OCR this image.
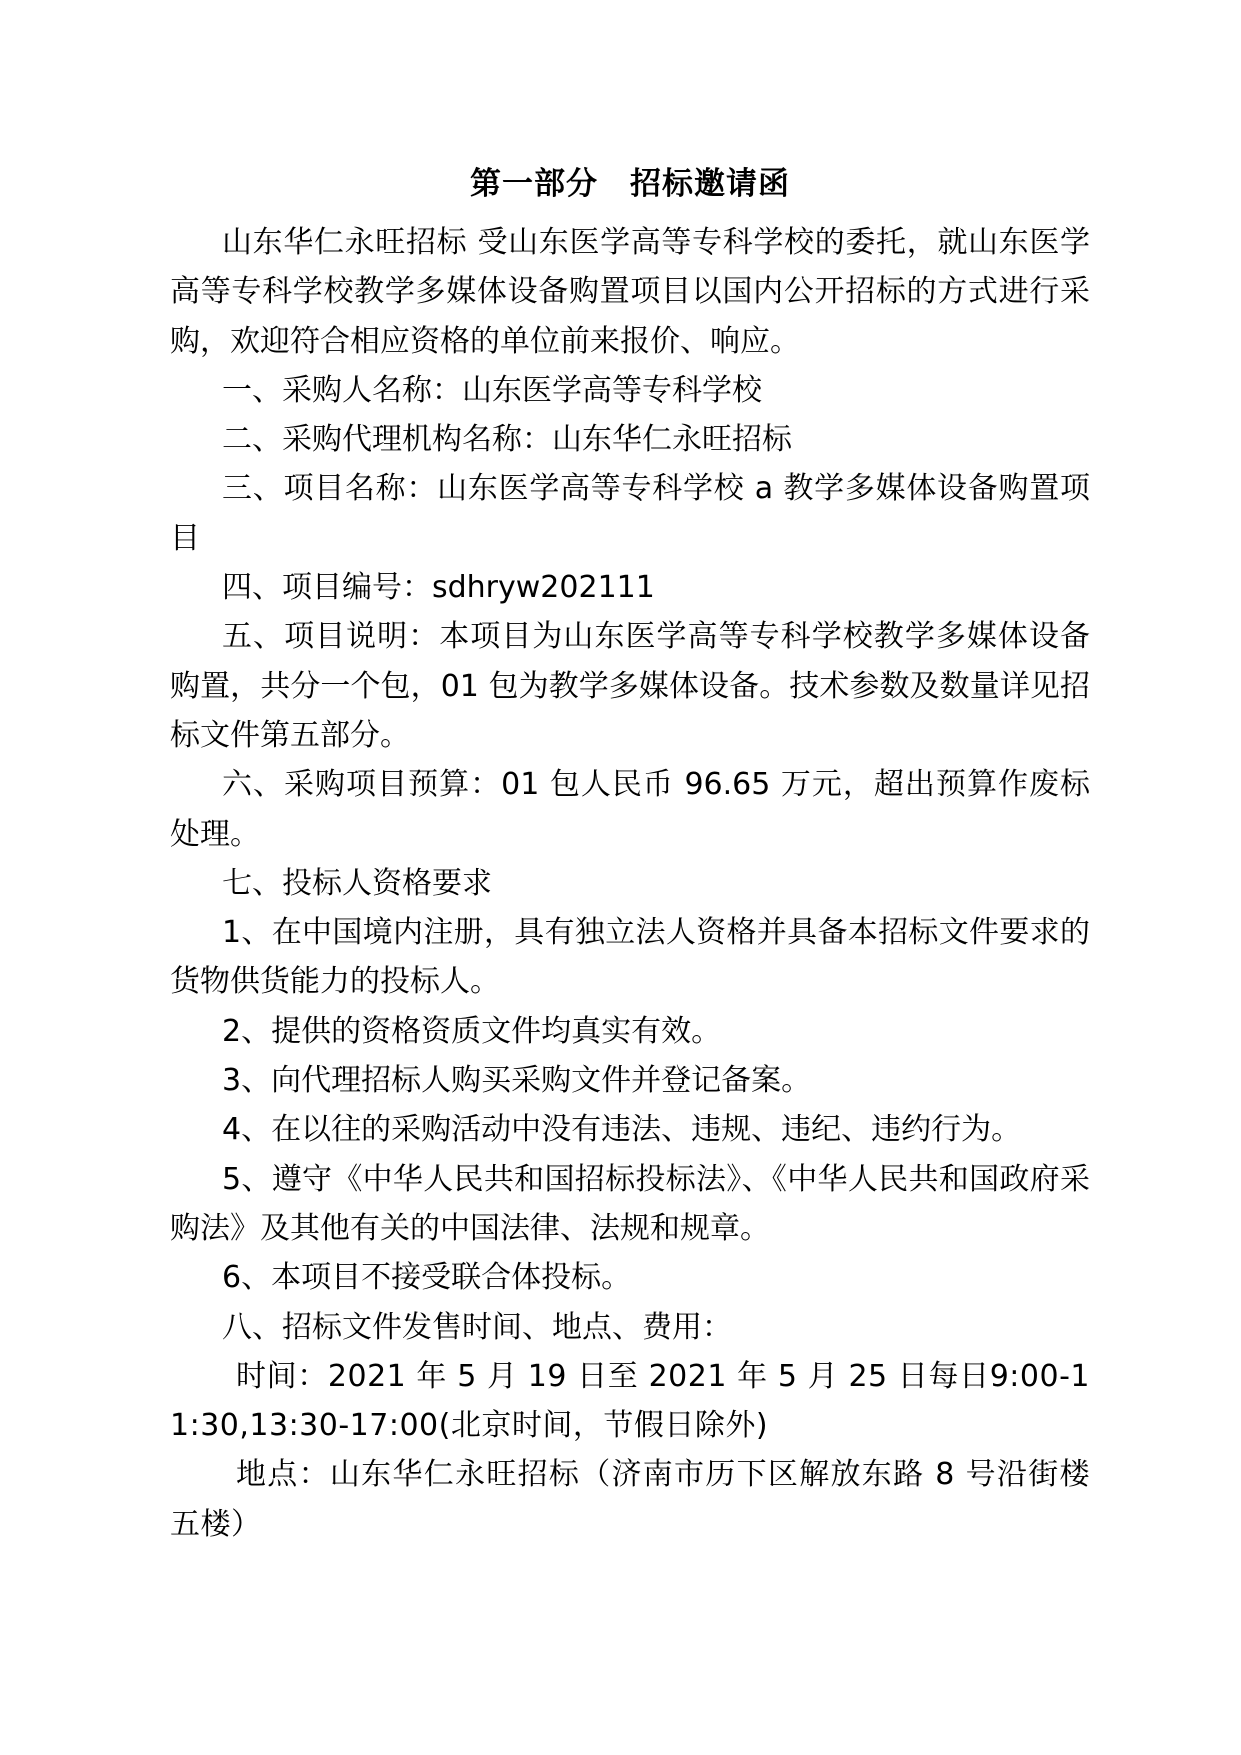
第一部分　招标邀请函

山东华仁永旺招标 受山东医学高等专科学校的委托，就山东医学高等专科学校教学多媒体设备购置项目以国内公开招标的方式进行采购，欢迎符合相应资格的单位前来报价、响应。

一、采购人名称：山东医学高等专科学校

二、采购代理机构名称：山东华仁永旺招标

三、项目名称：山东医学高等专科学校 a 教学多媒体设备购置项目

四、项目编号：sdhryw202111

五、项目说明：本项目为山东医学高等专科学校教学多媒体设备购置，共分一个包，01 包为教学多媒体设备。技术参数及数量详见招标文件第五部分。

六、采购项目预算：01 包人民币 96.65 万元，超出预算作废标处理。

七、投标人资格要求

1、在中国境内注册，具有独立法人资格并具备本招标文件要求的货物供货能力的投标人。

2、提供的资格资质文件均真实有效。

3、向代理招标人购买采购文件并登记备案。

4、在以往的采购活动中没有违法、违规、违纪、违约行为。

5、遵守《中华人民共和国招标投标法》、《中华人民共和国政府采购法》及其他有关的中国法律、法规和规章。

6、本项目不接受联合体投标。

八、招标文件发售时间、地点、费用：

时间：2021 年 5 月 19 日至 2021 年 5 月 25 日每日9:00-11:30,13:30-17:00(北京时间，节假日除外)

地点：山东华仁永旺招标（济南市历下区解放东路 8 号沿街楼五楼）
